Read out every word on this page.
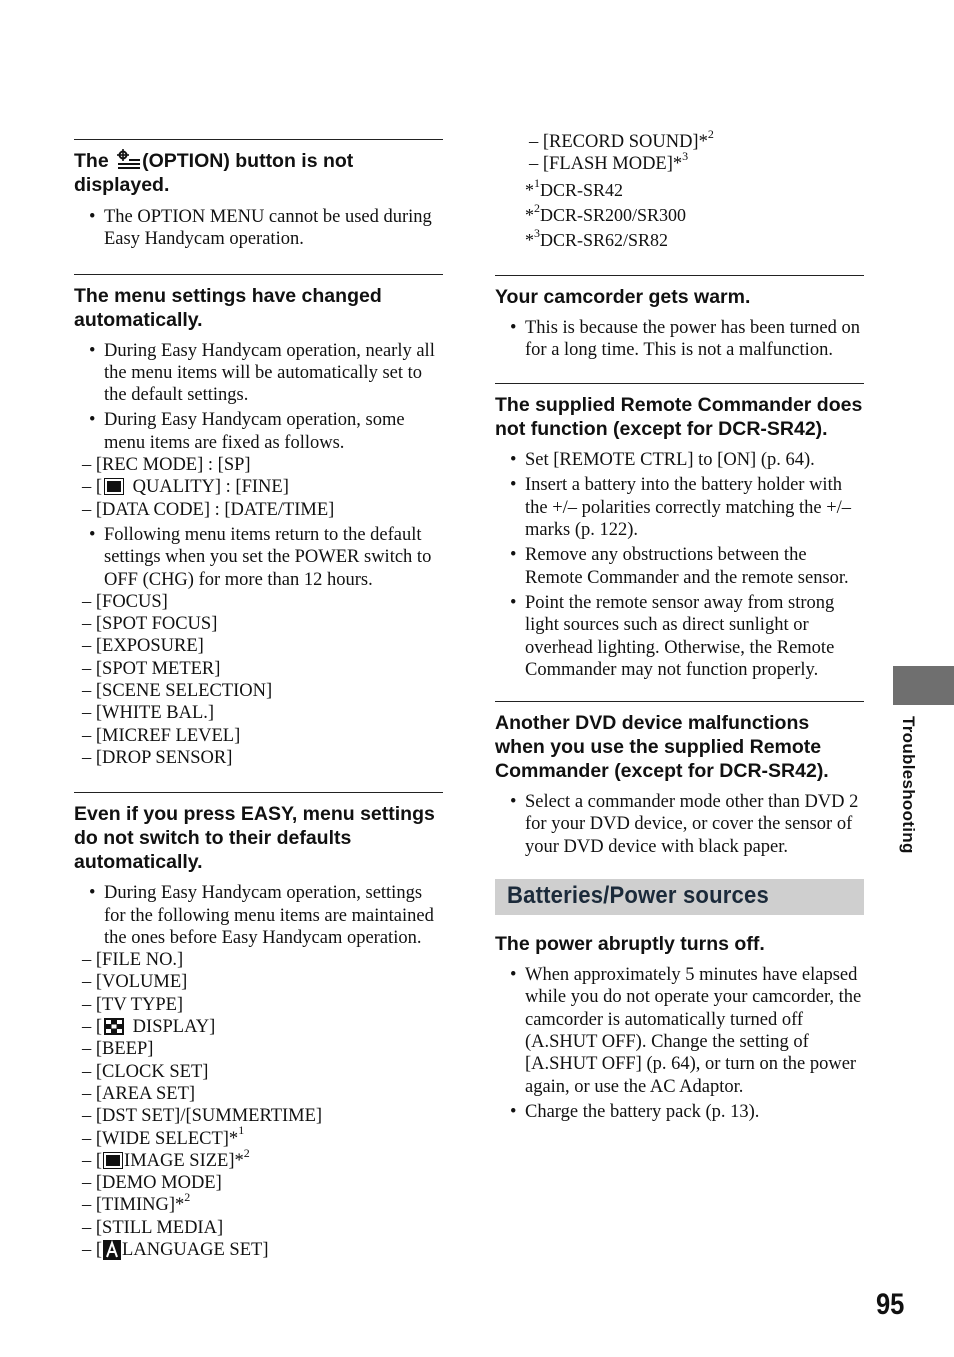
The (OPTION) button is not displayed.
• The OPTION MENU cannot be used during Easy Handycam operation.
The menu settings have changed automatically.
• During Easy Handycam operation, nearly all the menu items will be automatically set to the default settings.
• During Easy Handycam operation, some menu items are fixed as follows.
– [REC MODE] : [SP]
– [ QUALITY] : [FINE]
– [DATA CODE] : [DATE/TIME]
• Following menu items return to the default settings when you set the POWER switch to OFF (CHG) for more than 12 hours.
– [FOCUS]
– [SPOT FOCUS]
– [EXPOSURE]
– [SPOT METER]
– [SCENE SELECTION]
– [WHITE BAL.]
– [MICREF LEVEL]
– [DROP SENSOR]
Even if you press EASY, menu settings do not switch to their defaults automatically.
• During Easy Handycam operation, settings for the following menu items are maintained the ones before Easy Handycam operation.
– [FILE NO.]
– [VOLUME]
– [TV TYPE]
– [ DISPLAY]
– [BEEP]
– [CLOCK SET]
– [AREA SET]
– [DST SET]/[SUMMERTIME]
– [WIDE SELECT]*$^1$
– [ IMAGE SIZE]*$^2$
– [DEMO MODE]
– [TIMING]*$^2$
– [STILL MEDIA]
– [ LANGUAGE SET]
– [RECORD SOUND]*$^2$
– [FLASH MODE]*$^3$
*$^1$DCR-SR42
*$^2$DCR-SR200/SR300
*$^3$DCR-SR62/SR82
Your camcorder gets warm.
• This is because the power has been turned on for a long time. This is not a malfunction.
The supplied Remote Commander does not function (except for DCR-SR42).
• Set [REMOTE CTRL] to [ON] (p. 64).
• Insert a battery into the battery holder with the +/– polarities correctly matching the +/– marks (p. 122).
• Remove any obstructions between the Remote Commander and the remote sensor.
• Point the remote sensor away from strong light sources such as direct sunlight or overhead lighting. Otherwise, the Remote Commander may not function properly.
Another DVD device malfunctions when you use the supplied Remote Commander (except for DCR-SR42).
• Select a commander mode other than DVD 2 for your DVD device, or cover the sensor of your DVD device with black paper.
Batteries/Power sources
The power abruptly turns off.
• When approximately 5 minutes have elapsed while you do not operate your camcorder, the camcorder is automatically turned off (A.SHUT OFF). Change the setting of [A.SHUT OFF] (p. 64), or turn on the power again, or use the AC Adaptor.
• Charge the battery pack (p. 13).
Troubleshooting
95
